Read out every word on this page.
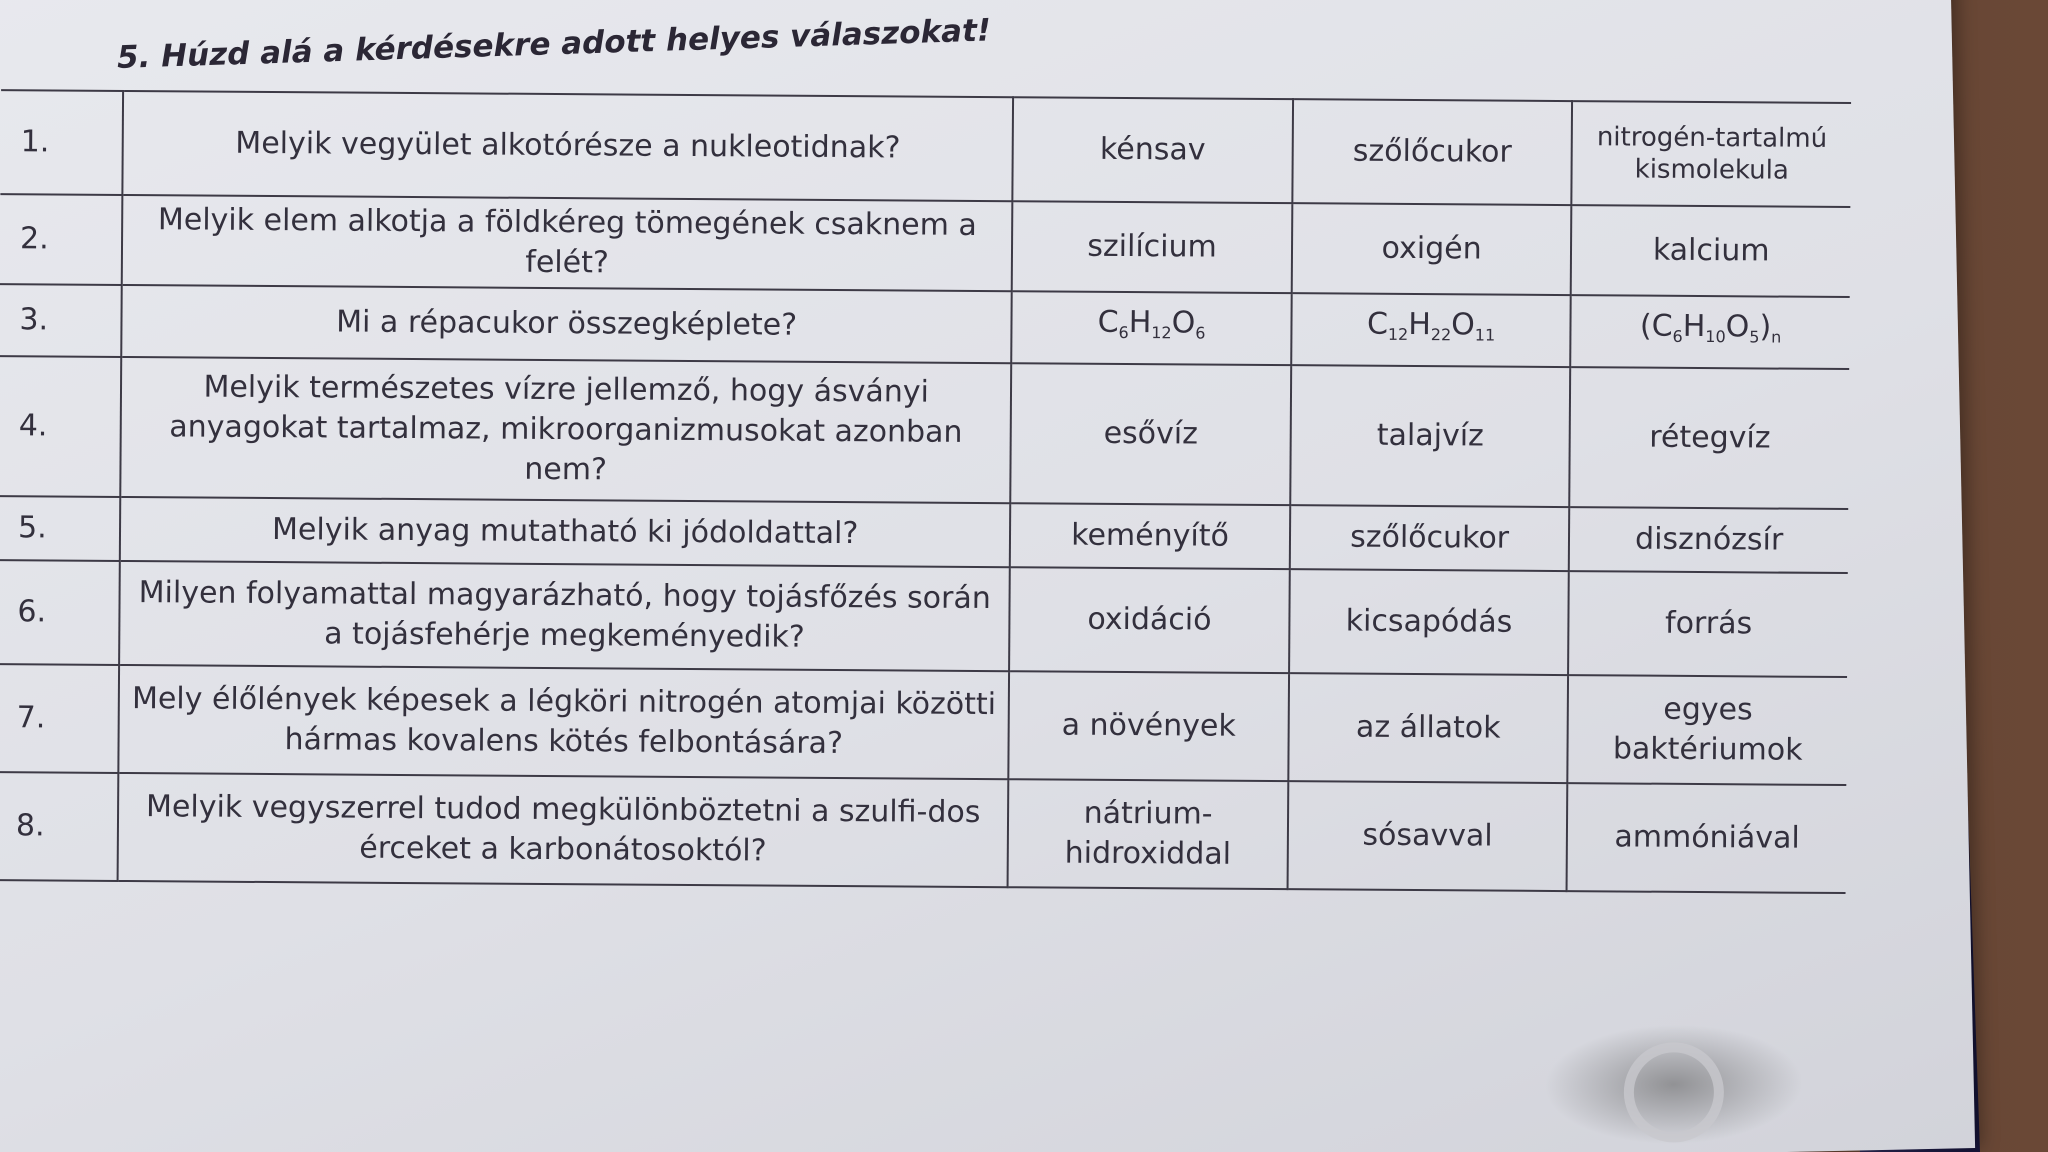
5. Húzd alá a kérdésekre adott helyes válaszokat!
1.	Melyik vegyület alkotórésze a nukleotidnak?	kénsav	szőlőcukor	nitrogén-tartalmú kismolekula
2.	Melyik elem alkotja a földkéreg tömegének csaknem a felét?	szilícium	oxigén	kalcium
3.	Mi a répacukor összegképlete?	$C_6H_{12}O_6$	$C_{12}H_{22}O_{11}$	$(C_6H_{10}O_5)_n$
4.	Melyik természetes vízre jellemző, hogy ásványi anyagokat tartalmaz, mikroorganizmusokat azonban nem?	esővíz	talajvíz	rétegvíz
5.	Melyik anyag mutatható ki jódoldattal?	keményítő	szőlőcukor	disznózsír
6.	Milyen folyamattal magyarázható, hogy tojásfőzés során a tojásfehérje megkeményedik?	oxidáció	kicsapódás	forrás
7.	Mely élőlények képesek a légköri nitrogén atomjai közötti hármas kovalens kötés felbontására?	a növények	az állatok	egyes baktériumok
8.	Melyik vegyszerrel tudod megkülönböztetni a szulfi-dos érceket a karbonátosoktól?	nátrium-hidroxiddal	sósavval	ammóniával
